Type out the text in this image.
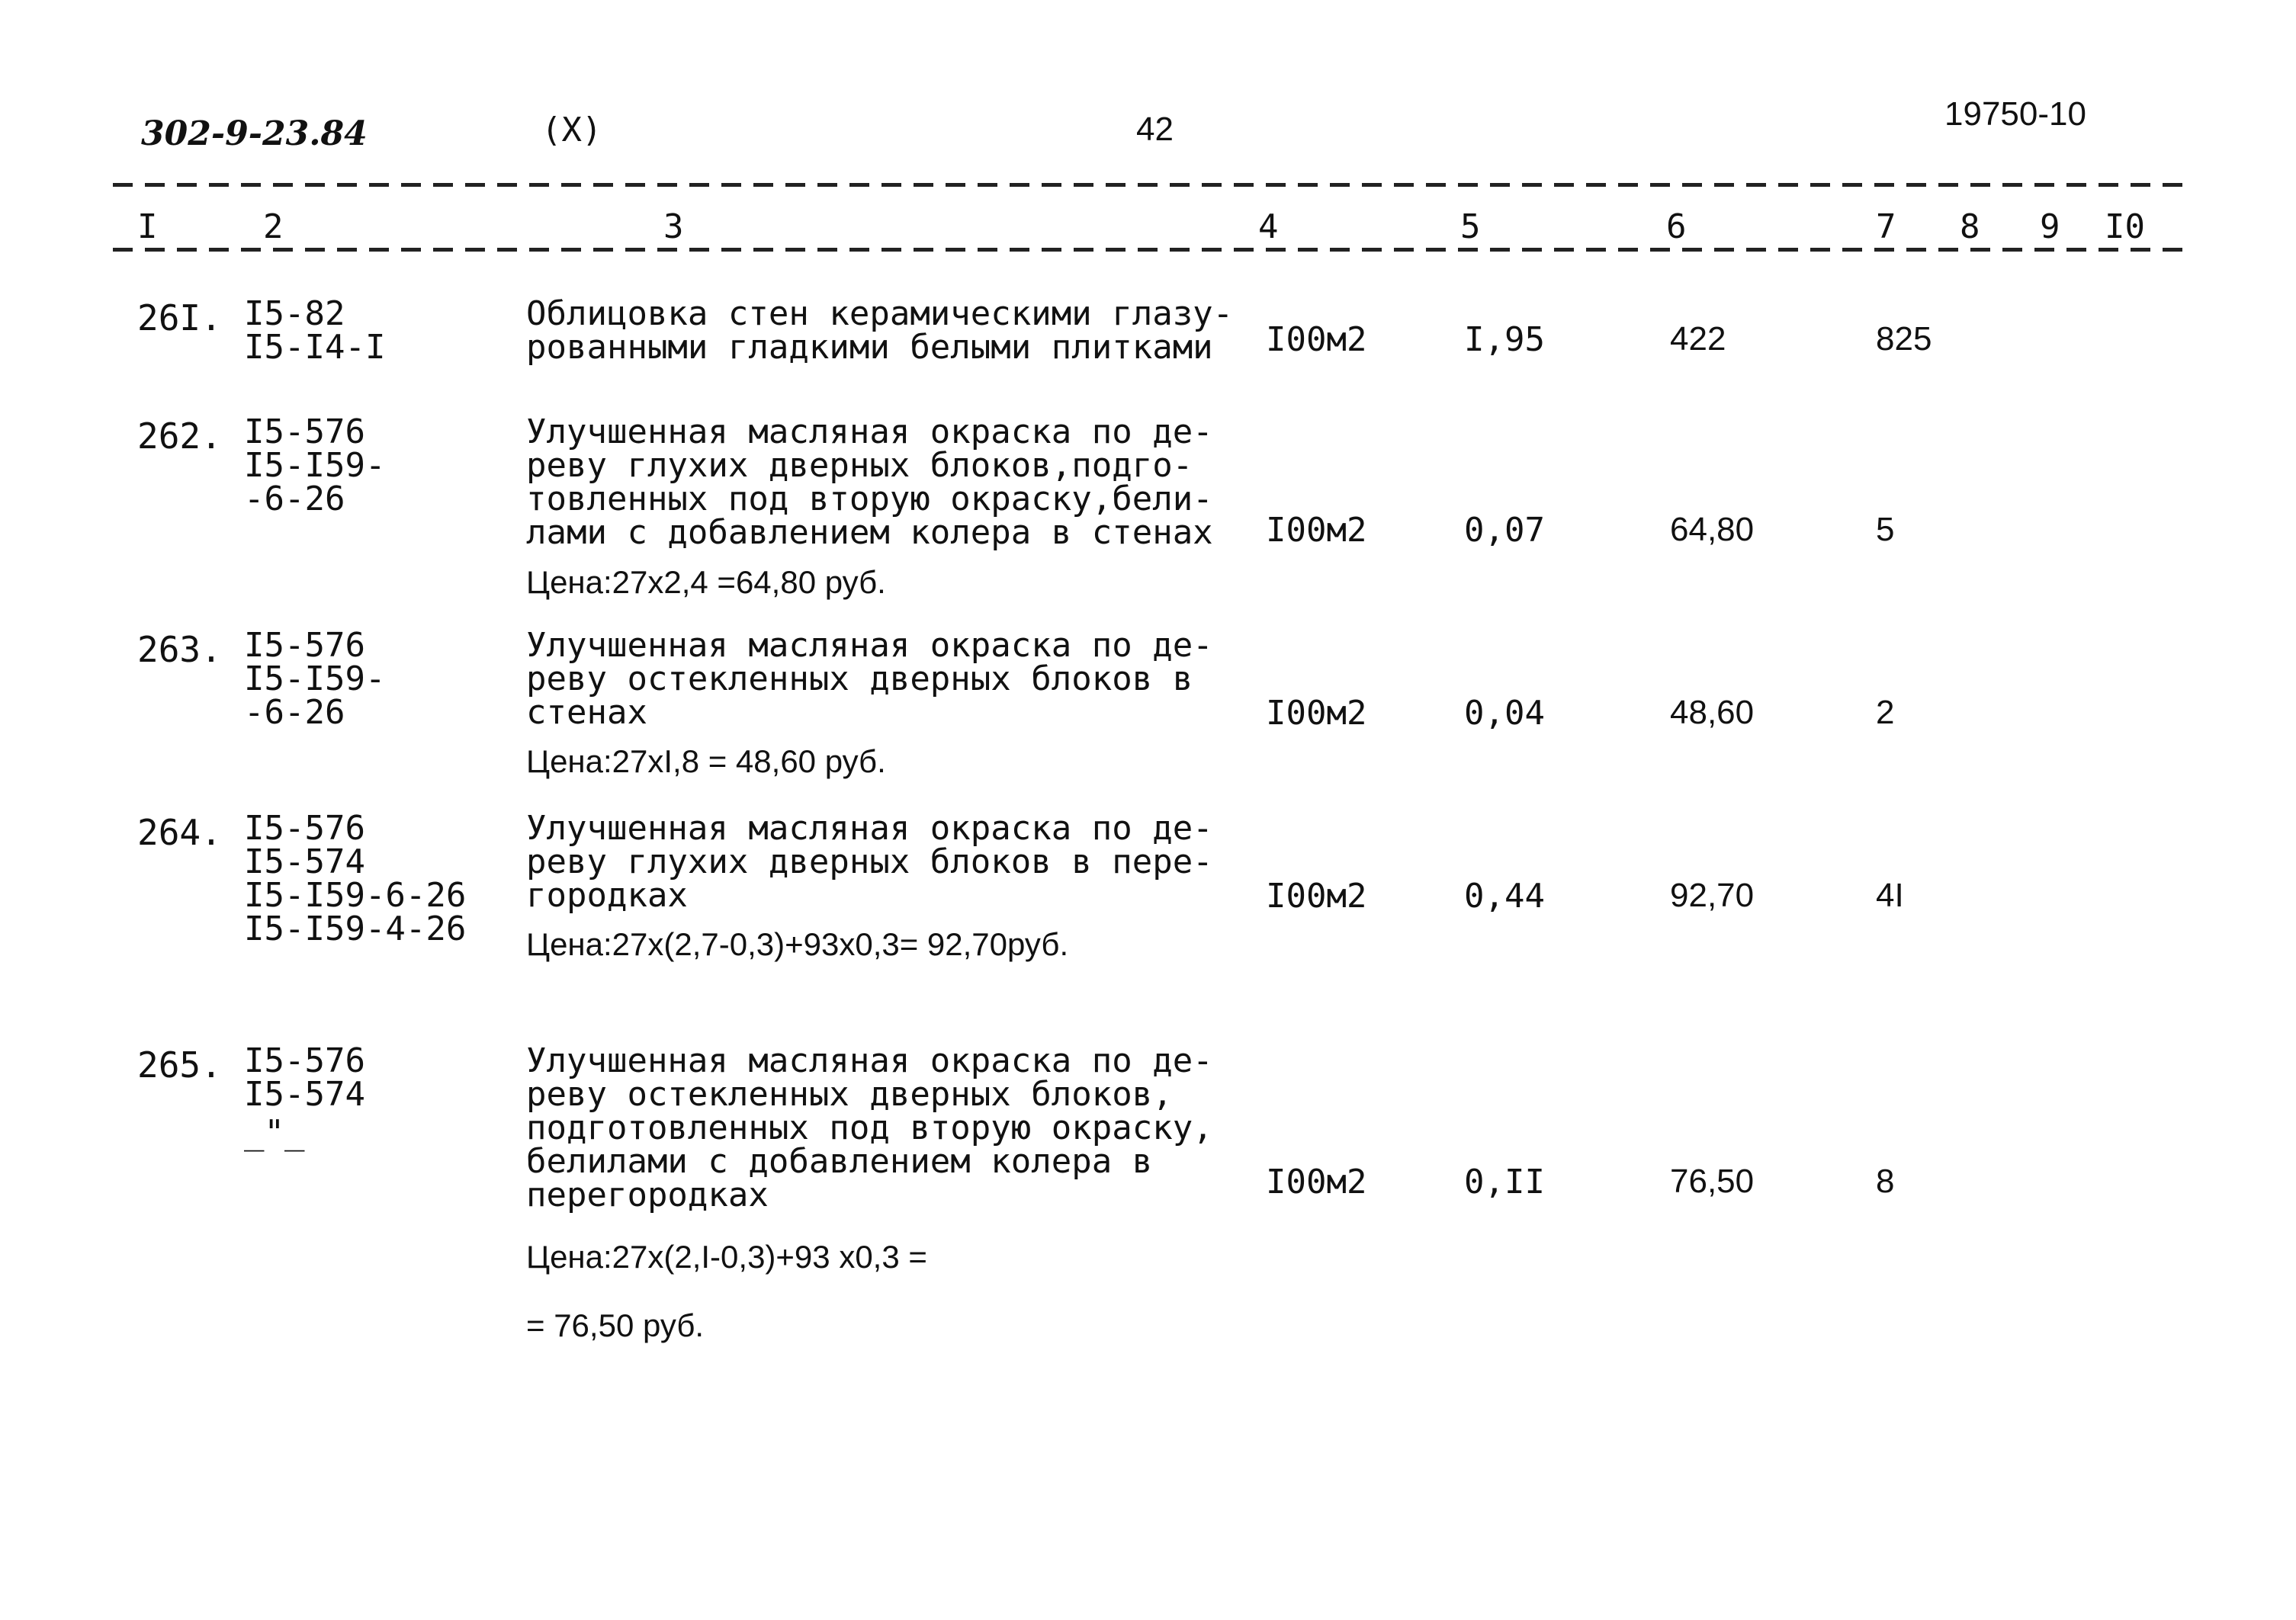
302-9-23.84	(X)	42	19750-10
I	2	3	4	5	6	7 8 9 I0
26I. I5-82
I5-I4-I
Облицовка стен керамическими глазу-
рованными гладкими белыми плитками	I00м2	I,95	422	825
262. I5-576
I5-I59-
-6-26
Улучшенная масляная окраска по де-
реву глухих дверных блоков,подго-
товленных под вторую окраску,бели-
лами с добавлением колера в стенах
Цена:27х2,4 =64,80 руб.
I00м2	0,07	64,80	5
263. I5-576
I5-I59-
-6-26
Улучшенная масляная окраска по де-
реву остекленных дверных блоков в
стенах
Цена:27хI,8 = 48,60 руб.
I00м2	0,04	48,60	2
264. I5-576
I5-574
I5-I59-6-26
I5-I59-4-26
Улучшенная масляная окраска по де-
реву глухих дверных блоков в пере-
городках
Цена:27х(2,7-0,3)+93х0,3= 92,70руб.
I00м2	0,44	92,70	4I
265. I5-576
I5-574
_"_
Улучшенная масляная окраска по де-
реву остекленных дверных блоков,
подготовленных под вторую окраску,
белилами с добавлением колера в
перегородках
Цена:27х(2,I-0,3)+93 х0,3 =
= 76,50 руб.
I00м2	0,II	76,50	8
